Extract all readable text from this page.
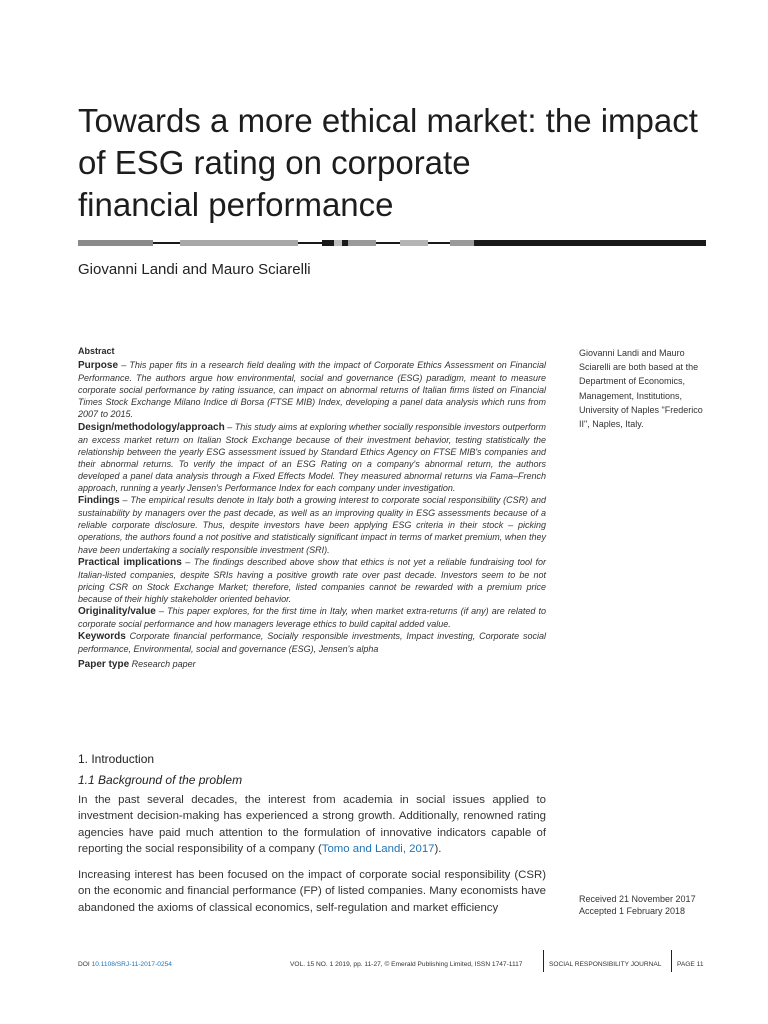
Towards a more ethical market: the impact
of ESG rating on corporate
financial performance
Giovanni Landi and Mauro Sciarelli
Abstract

Purpose – This paper fits in a research field dealing with the impact of Corporate Ethics Assessment on Financial Performance. The authors argue how environmental, social and governance (ESG) paradigm, meant to measure corporate social performance by rating issuance, can impact on abnormal returns of Italian firms listed on Financial Times Stock Exchange Milano Indice di Borsa (FTSE MIB) Index, developing a panel data analysis which runs from 2007 to 2015.

Design/methodology/approach – This study aims at exploring whether socially responsible investors outperform an excess market return on Italian Stock Exchange because of their investment behavior, testing statistically the relationship between the yearly ESG assessment issued by Standard Ethics Agency on FTSE MIB's companies and their abnormal returns. To verify the impact of an ESG Rating on a company's abnormal return, the authors developed a panel data analysis through a Fixed Effects Model. They measured abnormal returns via Fama–French approach, running a yearly Jensen's Performance Index for each company under investigation.

Findings – The empirical results denote in Italy both a growing interest to corporate social responsibility (CSR) and sustainability by managers over the past decade, as well as an improving quality in ESG assessments because of a reliable corporate disclosure. Thus, despite investors have been applying ESG criteria in their stock – picking operations, the authors found a not positive and statistically significant impact in terms of market premium, when they have been undertaking a socially responsible investment (SRI).

Practical implications – The findings described above show that ethics is not yet a reliable fundraising tool for Italian-listed companies, despite SRIs having a positive growth rate over past decade. Investors seem to be not pricing CSR on Stock Exchange Market; therefore, listed companies cannot be rewarded with a premium price because of their highly stakeholder oriented behavior.

Originality/value – This paper explores, for the first time in Italy, when market extra-returns (if any) are related to corporate social performance and how managers leverage ethics to build capital added value.

Keywords Corporate financial performance, Socially responsible investments, Impact investing, Corporate social performance, Environmental, social and governance (ESG), Jensen's alpha

Paper type Research paper

Giovanni Landi and Mauro Sciarelli are both based at the Department of Economics, Management, Institutions, University of Naples "Frederico II", Naples, Italy.
1. Introduction
1.1 Background of the problem

In the past several decades, the interest from academia in social issues applied to investment decision-making has experienced a strong growth. Additionally, renowned rating agencies have paid much attention to the formulation of innovative indicators capable of reporting the social responsibility of a company (Tomo and Landi, 2017).

Increasing interest has been focused on the impact of corporate social responsibility (CSR) on the economic and financial performance (FP) of listed companies. Many economists have abandoned the axioms of classical economics, self-regulation and market efficiency

Received 21 November 2017
Accepted 1 February 2018
DOI 10.1108/SRJ-11-2017-0254	VOL. 15 NO. 1 2019, pp. 11-27, © Emerald Publishing Limited, ISSN 1747-1117	SOCIAL RESPONSIBILITY JOURNAL PAGE 11
